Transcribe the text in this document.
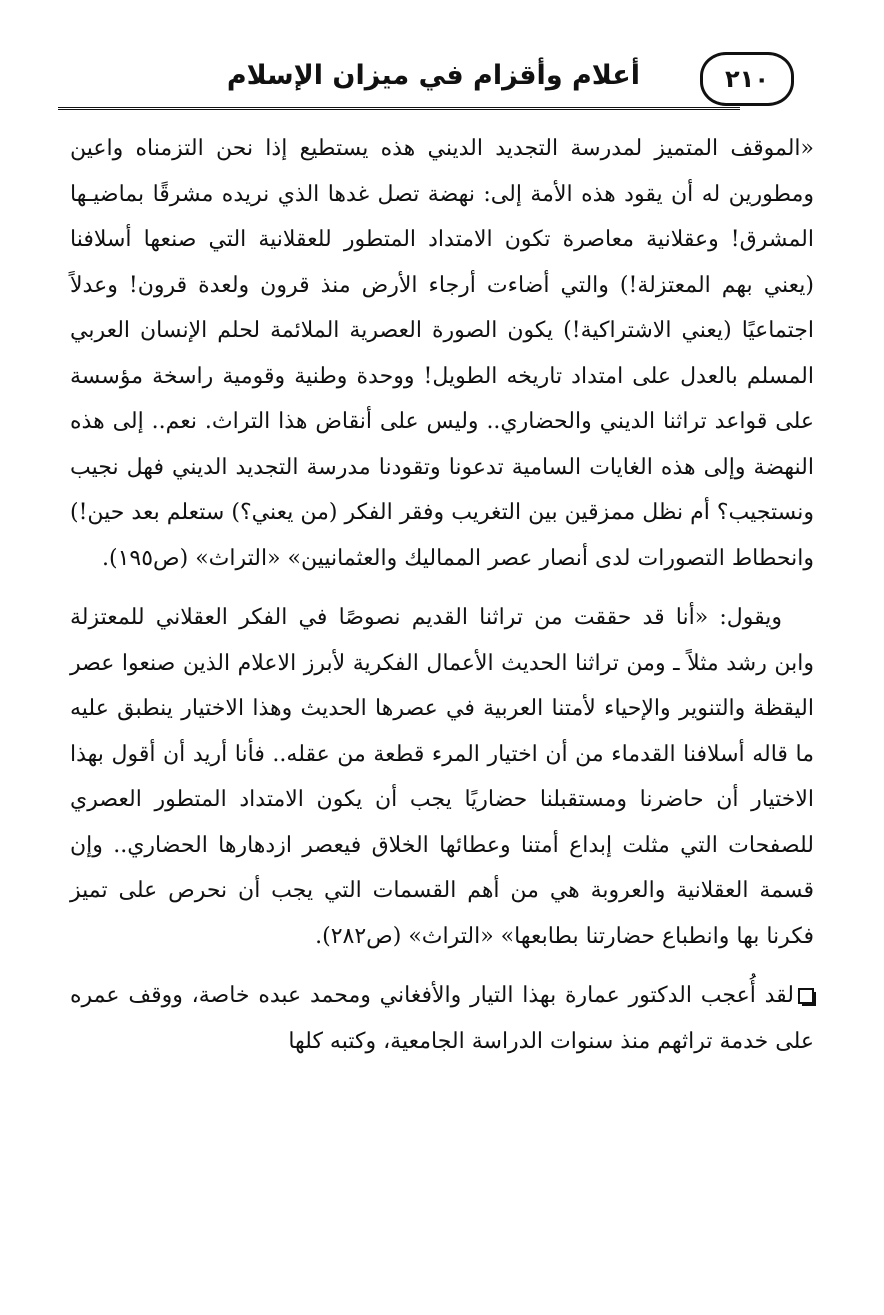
أعلام وأقزام في ميزان الإسلام	٢١٠

«الموقف المتميز لمدرسة التجديد الديني هذه يستطيع إذا نحن التزمناه واعين ومطورين له أن يقود هذه الأمة إلى: نهضة تصل غدها الذي نريده مشرقًا بماضيـها المشرق! وعقلانية معاصرة تكون الامتداد المتطور للعقلانية التي صنعها أسلافنا (يعني بهم المعتزلة!) والتي أضاءت أرجاء الأرض منذ قرون ولعدة قرون! وعدلاً اجتماعيًا (يعني الاشتراكية!) يكون الصورة العصرية الملائمة لحلم الإنسان العربي المسلم بالعدل على امتداد تاريخه الطويل! ووحدة وطنية وقومية راسخة مؤسسة على قواعد تراثنا الديني والحضاري.. وليس على أنقاض هذا التراث. نعم.. إلى هذه النهضة وإلى هذه الغايات السامية تدعونا وتقودنا مدرسة التجديد الديني فهل نجيب ونستجيب؟ أم نظل ممزقين بين التغريب وفقر الفكر (من يعني؟) ستعلم بعد حين!) وانحطاط التصورات لدى أنصار عصر المماليك والعثمانيين» «التراث» (ص١٩٥).

ويقول: «أنا قد حققت من تراثنا القديم نصوصًا في الفكر العقلاني للمعتزلة وابن رشد مثلاً ـ ومن تراثنا الحديث الأعمال الفكرية لأبرز الاعلام الذين صنعوا عصر اليقظة والتنوير والإحياء لأمتنا العربية في عصرها الحديث وهذا الاختيار ينطبق عليه ما قاله أسلافنا القدماء من أن اختيار المرء قطعة من عقله.. فأنا أريد أن أقول بهذا الاختيار أن حاضرنا ومستقبلنا حضاريًا يجب أن يكون الامتداد المتطور العصري للصفحات التي مثلت إبداع أمتنا وعطائها الخلاق فيعصر ازدهارها الحضاري.. وإن قسمة العقلانية والعروبة هي من أهم القسمات التي يجب أن نحرص على تميز فكرنا بها وانطباع حضارتنا بطابعها» «التراث» (ص٢٨٢).

لقد أُعجب الدكتور عمارة بهذا التيار والأفغاني ومحمد عبده خاصة، ووقف عمره على خدمة تراثهم منذ سنوات الدراسة الجامعية، وكتبه كلها
